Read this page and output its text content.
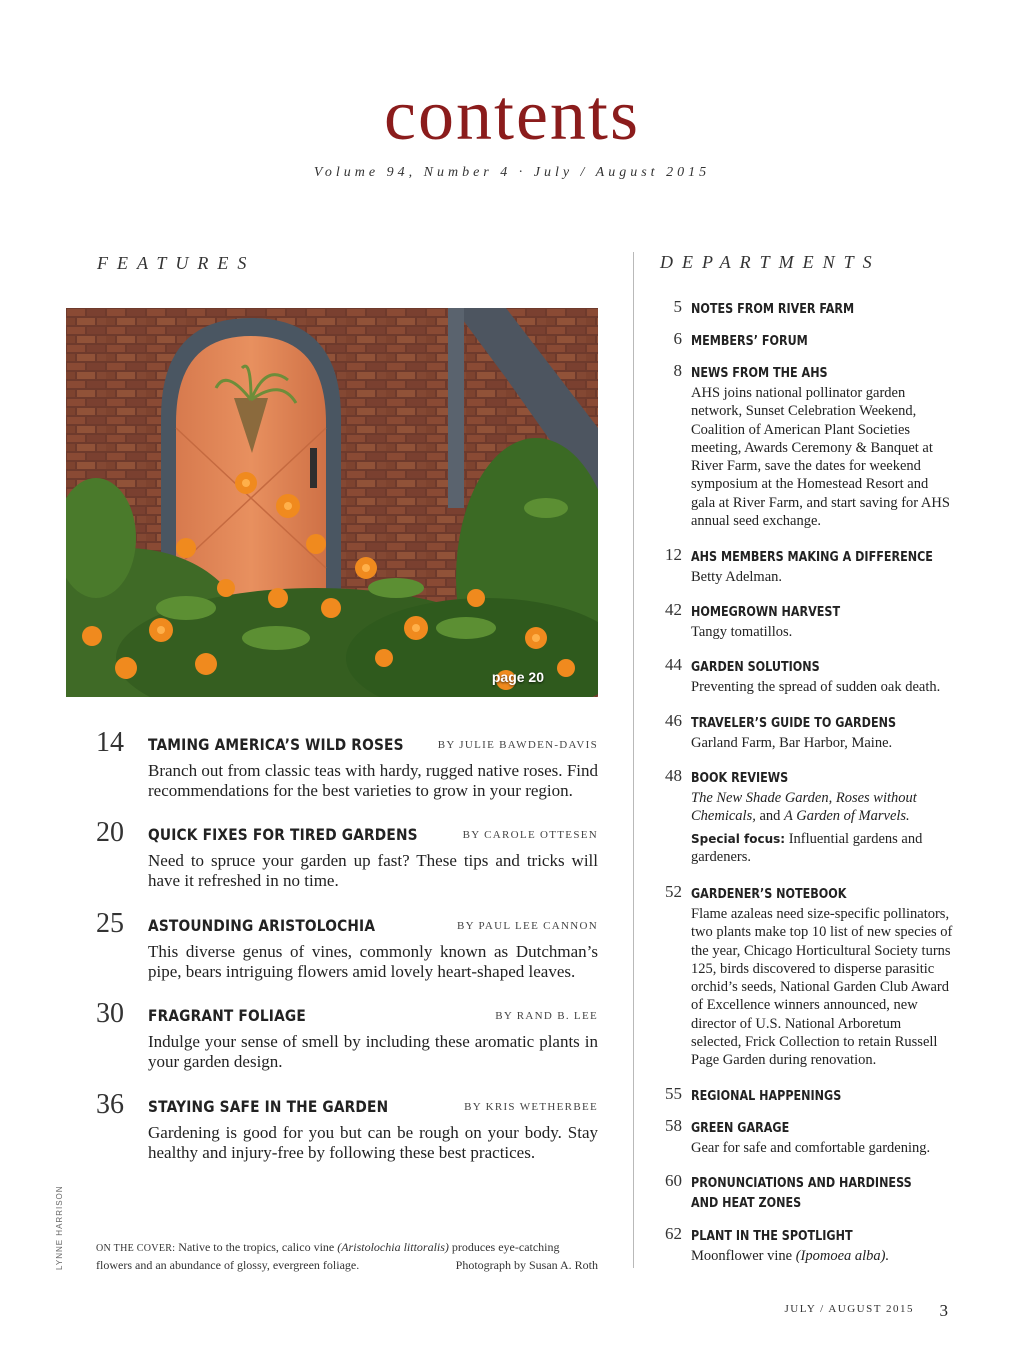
contents
Volume 94, Number 4 · July / August 2015
FEATURES	DEPARTMENTS
page 20
14	TAMING AMERICA’S WILD ROSES	BY JULIE BAWDEN-DAVIS
Branch out from classic teas with hardy, rugged native roses. Find recommendations for the best varieties to grow in your region.
20	QUICK FIXES FOR TIRED GARDENS	BY CAROLE OTTESEN
Need to spruce your garden up fast? These tips and tricks will have it refreshed in no time.
25	ASTOUNDING ARISTOLOCHIA	BY PAUL LEE CANNON
This diverse genus of vines, commonly known as Dutchman’s pipe, bears intriguing flowers amid lovely heart-shaped leaves.
30	FRAGRANT FOLIAGE	BY RAND B. LEE
Indulge your sense of smell by including these aromatic plants in your garden design.
36	STAYING SAFE IN THE GARDEN	BY KRIS WETHERBEE
Gardening is good for you but can be rough on your body. Stay healthy and injury-free by following these best practices.
ON THE COVER: Native to the tropics, calico vine (Aristolochia littoralis) produces eye-catching flowers and an abundance of glossy, evergreen foliage.	Photograph by Susan A. Roth
LYNNE HARRISON
5 NOTES FROM RIVER FARM
6 MEMBERS’ FORUM
8 NEWS FROM THE AHS
AHS joins national pollinator garden network, Sunset Celebration Weekend, Coalition of American Plant Societies meeting, Awards Ceremony & Banquet at River Farm, save the dates for weekend symposium at the Homestead Resort and gala at River Farm, and start saving for AHS annual seed exchange.
12 AHS MEMBERS MAKING A DIFFERENCE
Betty Adelman.
42 HOMEGROWN HARVEST
Tangy tomatillos.
44 GARDEN SOLUTIONS
Preventing the spread of sudden oak death.
46 TRAVELER’S GUIDE TO GARDENS
Garland Farm, Bar Harbor, Maine.
48 BOOK REVIEWS
The New Shade Garden, Roses without Chemicals, and A Garden of Marvels.
Special focus: Influential gardens and gardeners.
52 GARDENER’S NOTEBOOK
Flame azaleas need size-specific pollinators, two plants make top 10 list of new species of the year, Chicago Horticultural Society turns 125, birds discovered to disperse parasitic orchid’s seeds, National Garden Club Award of Excellence winners announced, new director of U.S. National Arboretum selected, Frick Collection to retain Russell Page Garden during renovation.
55 REGIONAL HAPPENINGS
58 GREEN GARAGE
Gear for safe and comfortable gardening.
60 PRONUNCIATIONS AND HARDINESS
AND HEAT ZONES
62 PLANT IN THE SPOTLIGHT
Moonflower vine (Ipomoea alba).
JULY / AUGUST 2015 3
